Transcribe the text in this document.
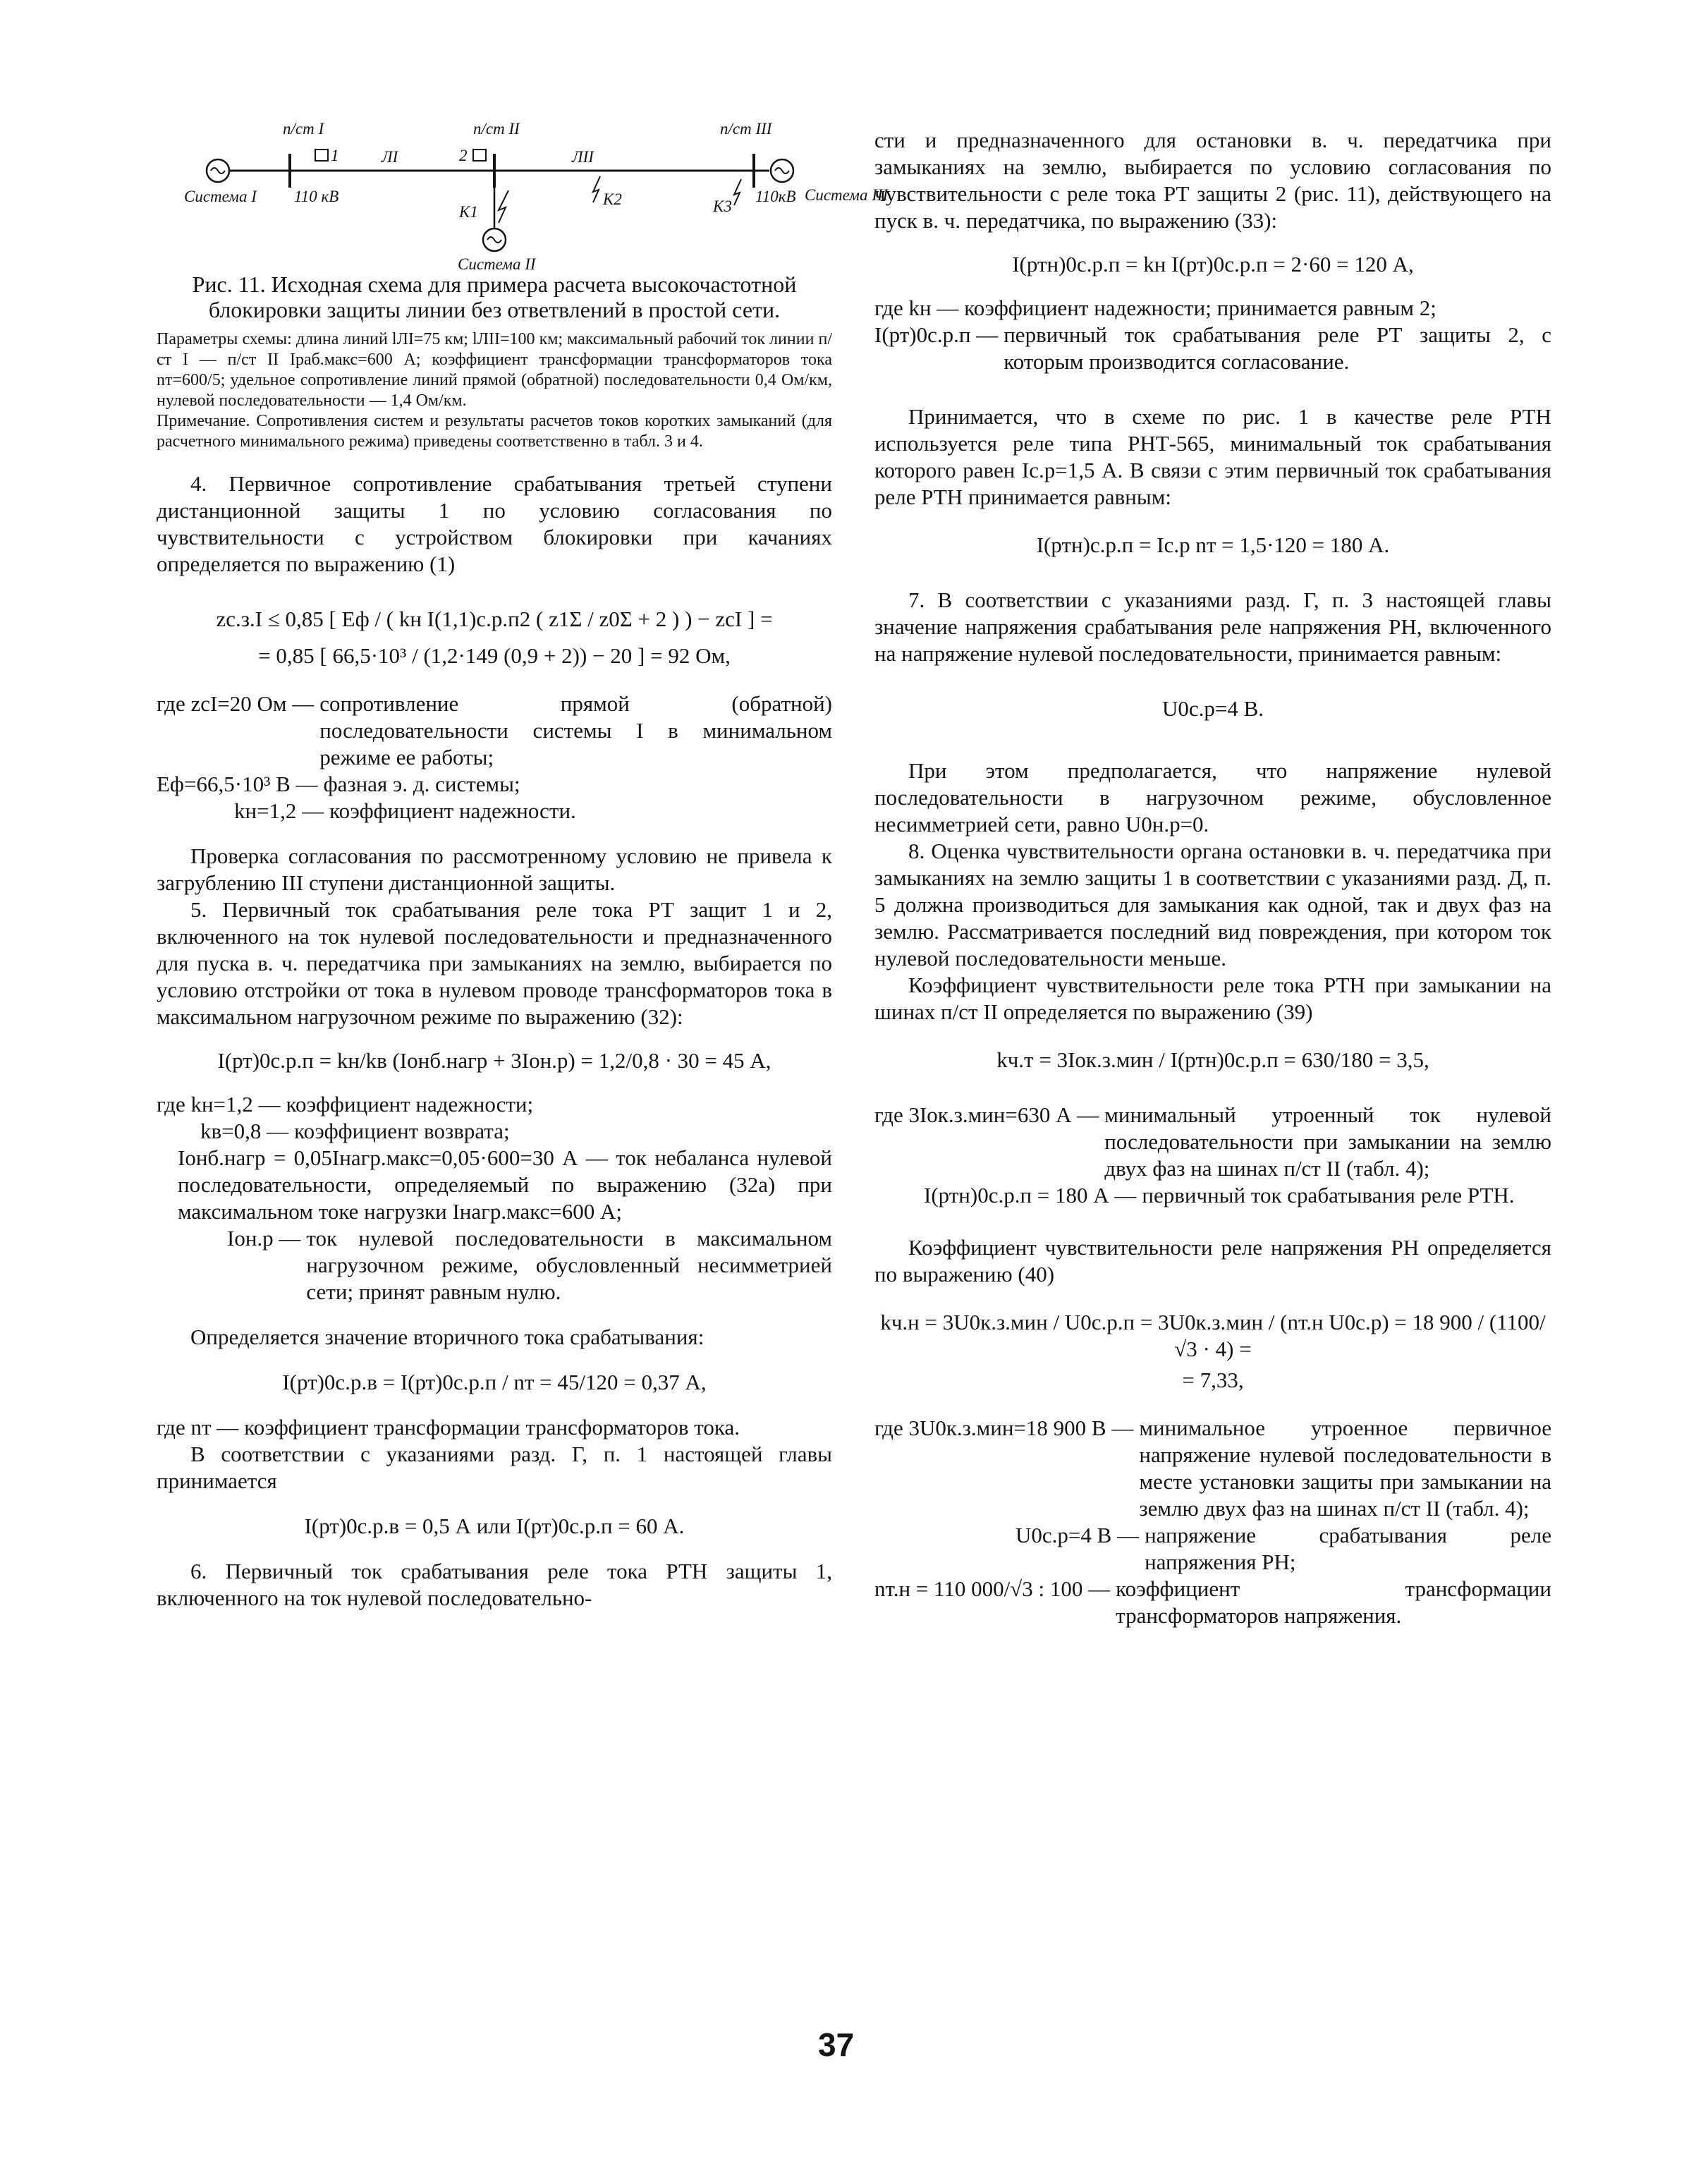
п/ст I	п/ст II	п/ст III
1	2
ЛI	ЛII
Система I 110 кВ
K1
K2	K3
110кВ Система III
Система II

Рис. 11. Исходная схема для примера расчета высокочастотной блокировки защиты линии без ответвлений в простой сети.

Параметры схемы: длина линий lЛI=75 км; lЛII=100 км; максимальный рабочий ток линии п/ст I — п/ст II Iраб.макс=600 А; коэффициент трансформации трансформаторов тока nт=600/5; удельное сопротивление линий прямой (обратной) последовательности 0,4 Ом/км, нулевой последовательности — 1,4 Ом/км.

Примечание. Сопротивления систем и результаты расчетов токов коротких замыканий (для расчетного минимального режима) приведены соответственно в табл. 3 и 4.

4. Первичное сопротивление срабатывания третьей ступени дистанционной защиты 1 по условию согласования по чувствительности с устройством блокировки при качаниях определяется по выражению (1)

zс.з.I ≤ 0,85 [ Eф / ( kн I(1,1)с.р.п2 ( z1Σ / z0Σ + 2 ) ) − zсI ] =
= 0,85 [ 66,5·10³ / (1,2·149 (0,9 + 2)) − 20 ] = 92 Ом,
где zсI=20 Ом — сопротивление прямой (обратной) последовательности системы I в минимальном режиме ее работы;
Eф=66,5·10³ В — фазная э. д. системы;
kн=1,2 — коэффициент надежности.

Проверка согласования по рассмотренному условию не привела к загрублению III ступени дистанционной защиты.

5. Первичный ток срабатывания реле тока РТ защит 1 и 2, включенного на ток нулевой последовательности и предназначенного для пуска в. ч. передатчика при замыканиях на землю, выбирается по условию отстройки от тока в нулевом проводе трансформаторов тока в максимальном нагрузочном режиме по выражению (32):

I(рт)0с.р.п = kн/kв (Iонб.нагр + 3Iон.р) = 1,2/0,8 · 30 = 45 А,
где kн=1,2 — коэффициент надежности;
kв=0,8 — коэффициент возврата;
Iонб.нагр = 0,05Iнагр.макс=0,05·600=30 А — ток небаланса нулевой последовательности, определяемый по выражению (32а) при максимальном токе нагрузки Iнагр.макс=600 А;
Iон.р — ток нулевой последовательности в максимальном нагрузочном режиме, обусловленный несимметрией сети; принят равным нулю.

Определяется значение вторичного тока срабатывания:

I(рт)0с.р.в = I(рт)0с.р.п / nт = 45/120 = 0,37 А,
где nт — коэффициент трансформации трансформаторов тока.

В соответствии с указаниями разд. Г, п. 1 настоящей главы принимается

I(рт)0с.р.в = 0,5 А или I(рт)0с.р.п = 60 А.

6. Первичный ток срабатывания реле тока РТН защиты 1, включенного на ток нулевой последовательно-

сти и предназначенного для остановки в. ч. передатчика при замыканиях на землю, выбирается по условию согласования по чувствительности с реле тока РТ защиты 2 (рис. 11), действующего на пуск в. ч. передатчика, по выражению (33):

I(ртн)0с.р.п = kн I(рт)0с.р.п = 2·60 = 120 А,
где kн — коэффициент надежности; принимается равным 2;
I(рт)0с.р.п — первичный ток срабатывания реле РТ защиты 2, с которым производится согласование.

Принимается, что в схеме по рис. 1 в качестве реле РТН используется реле типа РНТ-565, минимальный ток срабатывания которого равен Iс.р=1,5 А. В связи с этим первичный ток срабатывания реле РТН принимается равным:

I(ртн)с.р.п = Iс.р nт = 1,5·120 = 180 А.

7. В соответствии с указаниями разд. Г, п. 3 настоящей главы значение напряжения срабатывания реле напряжения РН, включенного на напряжение нулевой последовательности, принимается равным:

U0с.р=4 В.

При этом предполагается, что напряжение нулевой последовательности в нагрузочном режиме, обусловленное несимметрией сети, равно U0н.р=0.

8. Оценка чувствительности органа остановки в. ч. передатчика при замыканиях на землю защиты 1 в соответствии с указаниями разд. Д, п. 5 должна производиться для замыкания как одной, так и двух фаз на землю. Рассматривается последний вид повреждения, при котором ток нулевой последовательности меньше.

Коэффициент чувствительности реле тока РТН при замыкании на шинах п/ст II определяется по выражению (39)

kч.т = 3Iок.з.мин / I(ртн)0с.р.п = 630/180 = 3,5,
где 3Iок.з.мин=630 А — минимальный утроенный ток нулевой последовательности при замыкании на землю двух фаз на шинах п/ст II (табл. 4);
I(ртн)0с.р.п = 180 А — первичный ток срабатывания реле РТН.

Коэффициент чувствительности реле напряжения РН определяется по выражению (40)

kч.н = 3U0к.з.мин / U0с.р.п = 3U0к.з.мин / (nт.н U0с.р) = 18 900 / (1100/√3 · 4) =
= 7,33,
где 3U0к.з.мин=18 900 В — минимальное утроенное первичное напряжение нулевой последовательности в месте установки защиты при замыкании на землю двух фаз на шинах п/ст II (табл. 4);
U0с.р=4 В — напряжение срабатывания реле напряжения РН;
nт.н = 110 000/√3 : 100 — коэффициент трансформации трансформаторов напряжения.
37
